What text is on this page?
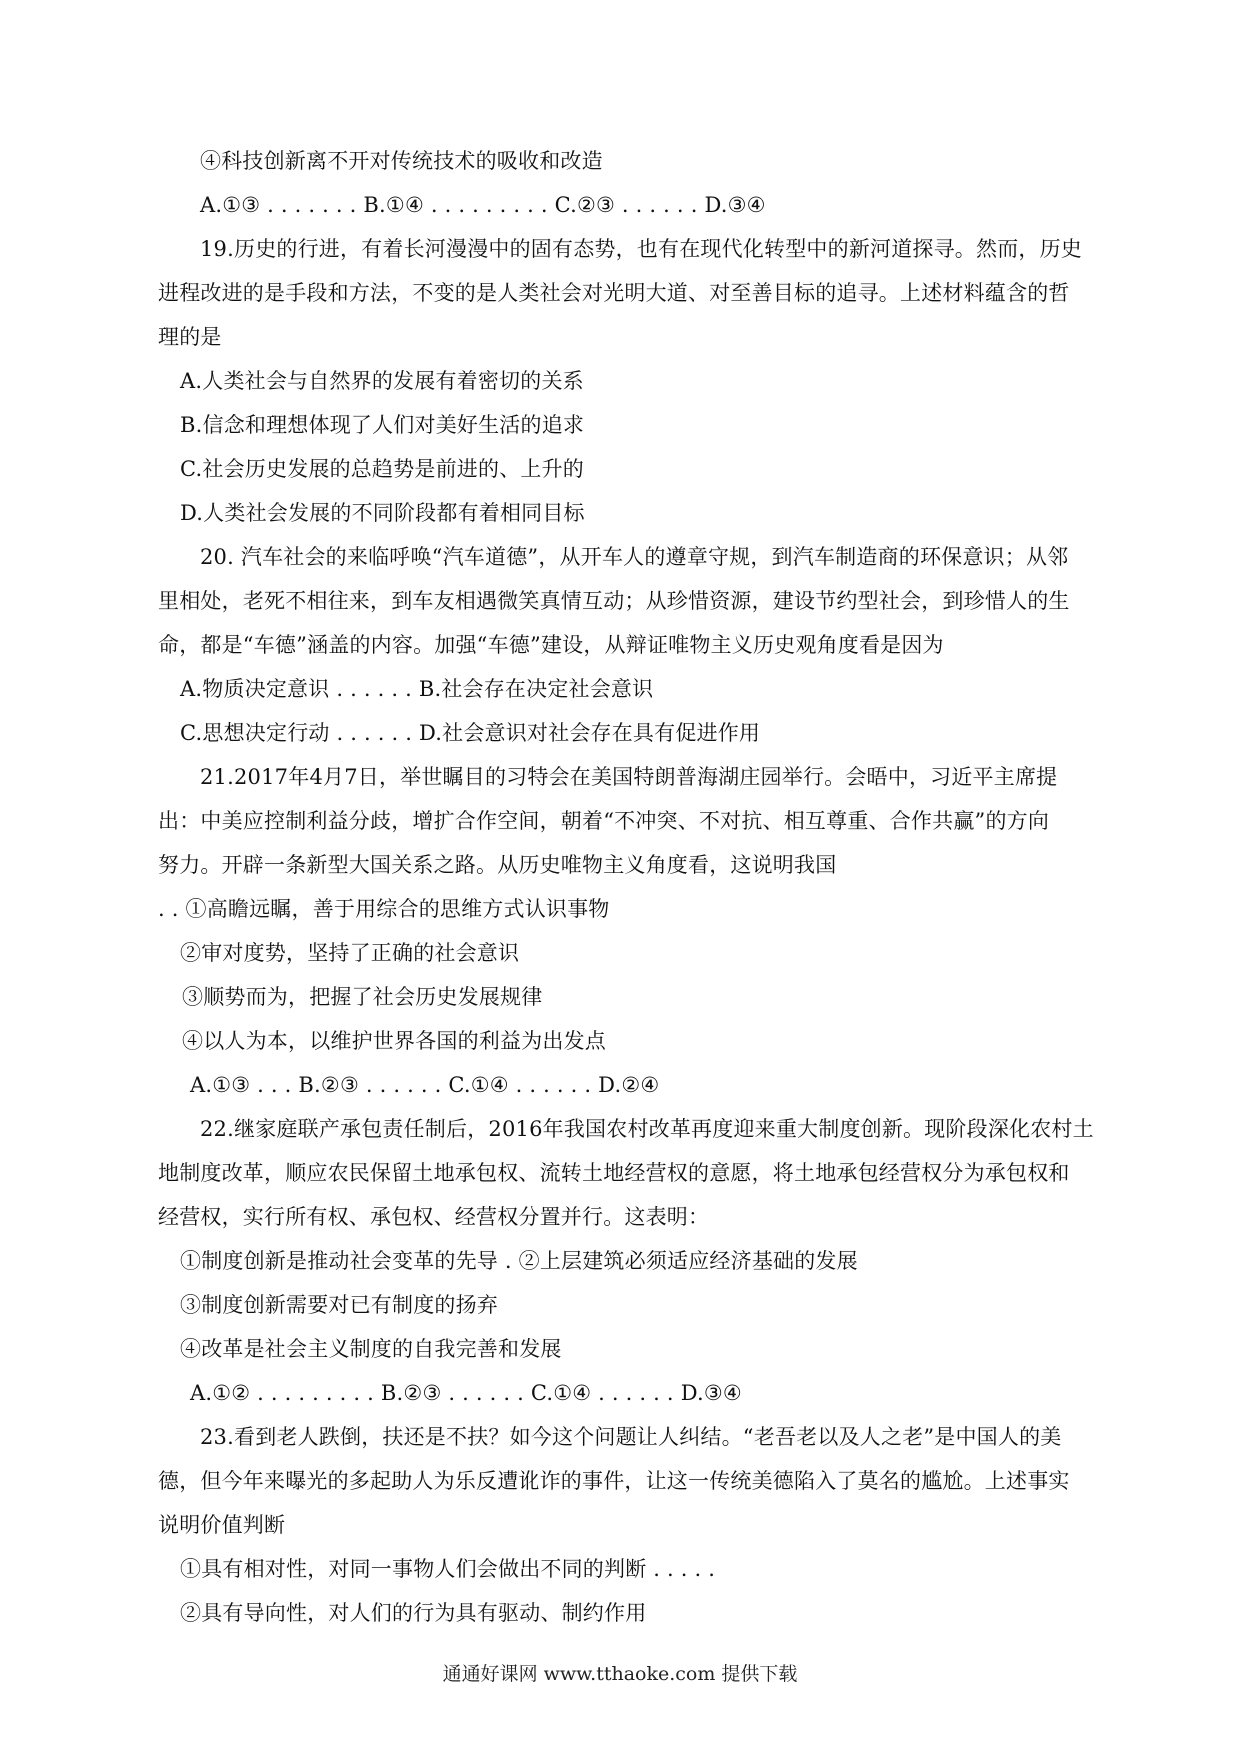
④科技创新离不开对传统技术的吸收和改造
A.①③ . . . . . . . B.①④ . . . . . . . . . C.②③ . . . . . . D.③④
19.历史的行进，有着长河漫漫中的固有态势，也有在现代化转型中的新河道探寻。然而，历史
进程改进的是手段和方法，不变的是人类社会对光明大道、对至善目标的追寻。上述材料蕴含的哲
理的是
A.人类社会与自然界的发展有着密切的关系
B.信念和理想体现了人们对美好生活的追求
C.社会历史发展的总趋势是前进的、上升的
D.人类社会发展的不同阶段都有着相同目标
20. 汽车社会的来临呼唤“汽车道德”，从开车人的遵章守规，到汽车制造商的环保意识；从邻
里相处，老死不相往来，到车友相遇微笑真情互动；从珍惜资源，建设节约型社会，到珍惜人的生
命，都是“车德”涵盖的内容。加强“车德”建设，从辩证唯物主义历史观角度看是因为
A.物质决定意识 . . . . . . B.社会存在决定社会意识
C.思想决定行动 . . . . . . D.社会意识对社会存在具有促进作用
21.2017年4月7日，举世瞩目的习特会在美国特朗普海湖庄园举行。会晤中，习近平主席提
出：中美应控制利益分歧，增扩合作空间，朝着“不冲突、不对抗、相互尊重、合作共赢”的方向
努力。开辟一条新型大国关系之路。从历史唯物主义角度看，这说明我国
. . ①高瞻远瞩，善于用综合的思维方式认识事物
②审对度势，坚持了正确的社会意识
③顺势而为，把握了社会历史发展规律
④以人为本，以维护世界各国的利益为出发点
A.①③ . . . B.②③ . . . . . . C.①④ . . . . . . D.②④
22.继家庭联产承包责任制后，2016年我国农村改革再度迎来重大制度创新。现阶段深化农村土
地制度改革，顺应农民保留土地承包权、流转土地经营权的意愿，将土地承包经营权分为承包权和
经营权，实行所有权、承包权、经营权分置并行。这表明：
①制度创新是推动社会变革的先导 . ②上层建筑必须适应经济基础的发展
③制度创新需要对已有制度的扬弃
④改革是社会主义制度的自我完善和发展
A.①② . . . . . . . . . B.②③ . . . . . . C.①④ . . . . . . D.③④
23.看到老人跌倒，扶还是不扶？如今这个问题让人纠结。“老吾老以及人之老”是中国人的美
德，但今年来曝光的多起助人为乐反遭讹诈的事件，让这一传统美德陷入了莫名的尴尬。上述事实
说明价值判断
①具有相对性，对同一事物人们会做出不同的判断 . . . . .
②具有导向性，对人们的行为具有驱动、制约作用
通通好课网 www.tthaoke.com 提供下载
